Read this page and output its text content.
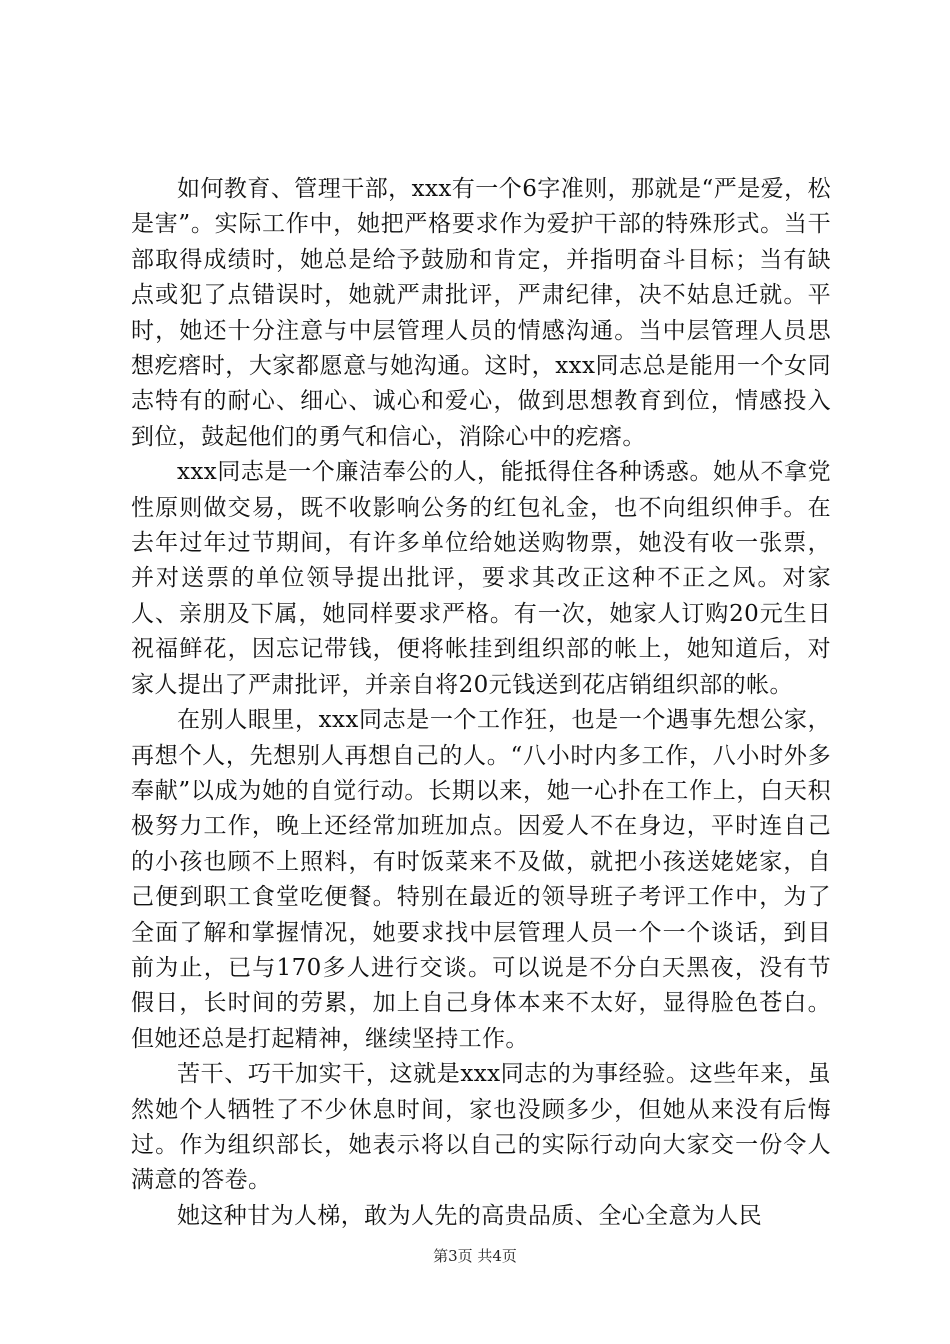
如何教育、管理干部，xxx有一个6字准则，那就是“严是爱，松是害”。实际工作中，她把严格要求作为爱护干部的特殊形式。当干部取得成绩时，她总是给予鼓励和肯定，并指明奋斗目标；当有缺点或犯了点错误时，她就严肃批评，严肃纪律，决不姑息迁就。平时，她还十分注意与中层管理人员的情感沟通。当中层管理人员思想疙瘩时，大家都愿意与她沟通。这时，xxx同志总是能用一个女同志特有的耐心、细心、诚心和爱心，做到思想教育到位，情感投入到位，鼓起他们的勇气和信心，消除心中的疙瘩。

xxx同志是一个廉洁奉公的人，能抵得住各种诱惑。她从不拿党性原则做交易，既不收影响公务的红包礼金，也不向组织伸手。在去年过年过节期间，有许多单位给她送购物票，她没有收一张票，并对送票的单位领导提出批评，要求其改正这种不正之风。对家人、亲朋及下属，她同样要求严格。有一次，她家人订购20元生日祝福鲜花，因忘记带钱，便将帐挂到组织部的帐上，她知道后，对家人提出了严肃批评，并亲自将20元钱送到花店销组织部的帐。

在别人眼里，xxx同志是一个工作狂，也是一个遇事先想公家，再想个人，先想别人再想自己的人。“八小时内多工作，八小时外多奉献”以成为她的自觉行动。长期以来，她一心扑在工作上，白天积极努力工作，晚上还经常加班加点。因爱人不在身边，平时连自己的小孩也顾不上照料，有时饭菜来不及做，就把小孩送姥姥家，自己便到职工食堂吃便餐。特别在最近的领导班子考评工作中，为了全面了解和掌握情况，她要求找中层管理人员一个一个谈话，到目前为止，已与170多人进行交谈。可以说是不分白天黑夜，没有节假日，长时间的劳累，加上自己身体本来不太好，显得脸色苍白。但她还总是打起精神，继续坚持工作。

苦干、巧干加实干，这就是xxx同志的为事经验。这些年来，虽然她个人牺牲了不少休息时间，家也没顾多少，但她从来没有后悔过。作为组织部长，她表示将以自己的实际行动向大家交一份令人满意的答卷。

她这种甘为人梯，敢为人先的高贵品质、全心全意为人民

第3页 共4页
